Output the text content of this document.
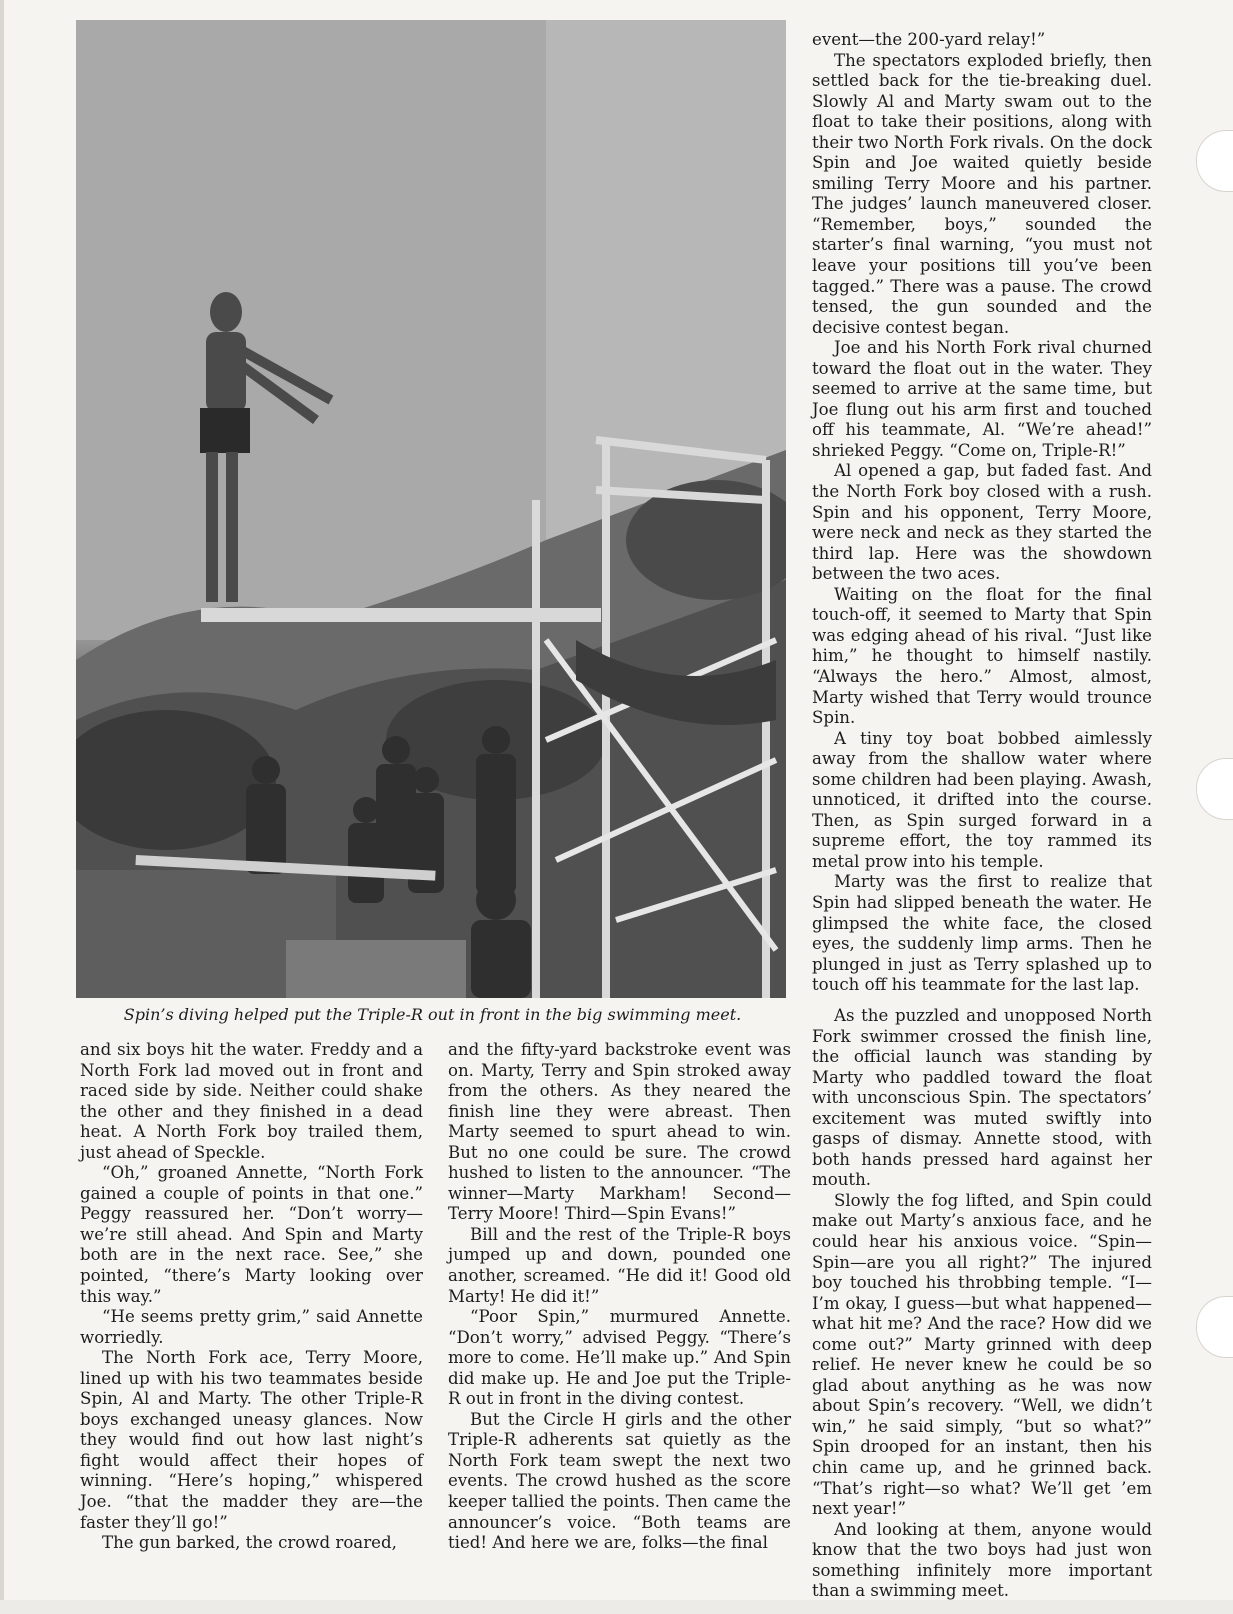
Spin’s diving helped put the Triple-R out in front in the big swimming meet.

event—the 200-yard relay!”

The spectators exploded briefly, then settled back for the tie-breaking duel. Slowly Al and Marty swam out to the float to take their positions, along with their two North Fork rivals. On the dock Spin and Joe waited quietly beside smiling Terry Moore and his partner. The judges’ launch maneuvered closer. “Remember, boys,” sounded the starter’s final warning, “you must not leave your positions till you’ve been tagged.” There was a pause. The crowd tensed, the gun sounded and the decisive contest began.

Joe and his North Fork rival churned toward the float out in the water. They seemed to arrive at the same time, but Joe flung out his arm first and touched off his teammate, Al. “We’re ahead!” shrieked Peggy. “Come on, Triple-R!”

Al opened a gap, but faded fast. And the North Fork boy closed with a rush. Spin and his opponent, Terry Moore, were neck and neck as they started the third lap. Here was the showdown between the two aces.

Waiting on the float for the final touch-off, it seemed to Marty that Spin was edging ahead of his rival. “Just like him,” he thought to himself nastily. “Always the hero.” Almost, almost, Marty wished that Terry would trounce Spin.

A tiny toy boat bobbed aimlessly away from the shallow water where some children had been playing. Awash, unnoticed, it drifted into the course. Then, as Spin surged forward in a supreme effort, the toy rammed its metal prow into his temple.

Marty was the first to realize that Spin had slipped beneath the water. He glimpsed the white face, the closed eyes, the suddenly limp arms. Then he plunged in just as Terry splashed up to touch off his teammate for the last lap.

and six boys hit the water. Freddy and a North Fork lad moved out in front and raced side by side. Neither could shake the other and they finished in a dead heat. A North Fork boy trailed them, just ahead of Speckle.

“Oh,” groaned Annette, “North Fork gained a couple of points in that one.” Peggy reassured her. “Don’t worry—we’re still ahead. And Spin and Marty both are in the next race. See,” she pointed, “there’s Marty looking over this way.”

“He seems pretty grim,” said Annette worriedly.

The North Fork ace, Terry Moore, lined up with his two teammates beside Spin, Al and Marty. The other Triple-R boys exchanged uneasy glances. Now they would find out how last night’s fight would affect their hopes of winning. “Here’s hoping,” whispered Joe. “that the madder they are—the faster they’ll go!”

The gun barked, the crowd roared,

and the fifty-yard backstroke event was on. Marty, Terry and Spin stroked away from the others. As they neared the finish line they were abreast. Then Marty seemed to spurt ahead to win. But no one could be sure. The crowd hushed to listen to the announcer. “The winner—Marty Markham! Second—Terry Moore! Third—Spin Evans!”

Bill and the rest of the Triple-R boys jumped up and down, pounded one another, screamed. “He did it! Good old Marty! He did it!”

“Poor Spin,” murmured Annette. “Don’t worry,” advised Peggy. “There’s more to come. He’ll make up.” And Spin did make up. He and Joe put the Triple-R out in front in the diving contest.

But the Circle H girls and the other Triple-R adherents sat quietly as the North Fork team swept the next two events. The crowd hushed as the score keeper tallied the points. Then came the announcer’s voice. “Both teams are tied! And here we are, folks—the final

As the puzzled and unopposed North Fork swimmer crossed the finish line, the official launch was standing by Marty who paddled toward the float with unconscious Spin. The spectators’ excitement was muted swiftly into gasps of dismay. Annette stood, with both hands pressed hard against her mouth.

Slowly the fog lifted, and Spin could make out Marty’s anxious face, and he could hear his anxious voice. “Spin—Spin—are you all right?” The injured boy touched his throbbing temple. “I—I’m okay, I guess—but what happened—what hit me? And the race? How did we come out?” Marty grinned with deep relief. He never knew he could be so glad about anything as he was now about Spin’s recovery. “Well, we didn’t win,” he said simply, “but so what?” Spin drooped for an instant, then his chin came up, and he grinned back. “That’s right—so what? We’ll get ’em next year!”

And looking at them, anyone would know that the two boys had just won something infinitely more important than a swimming meet.
